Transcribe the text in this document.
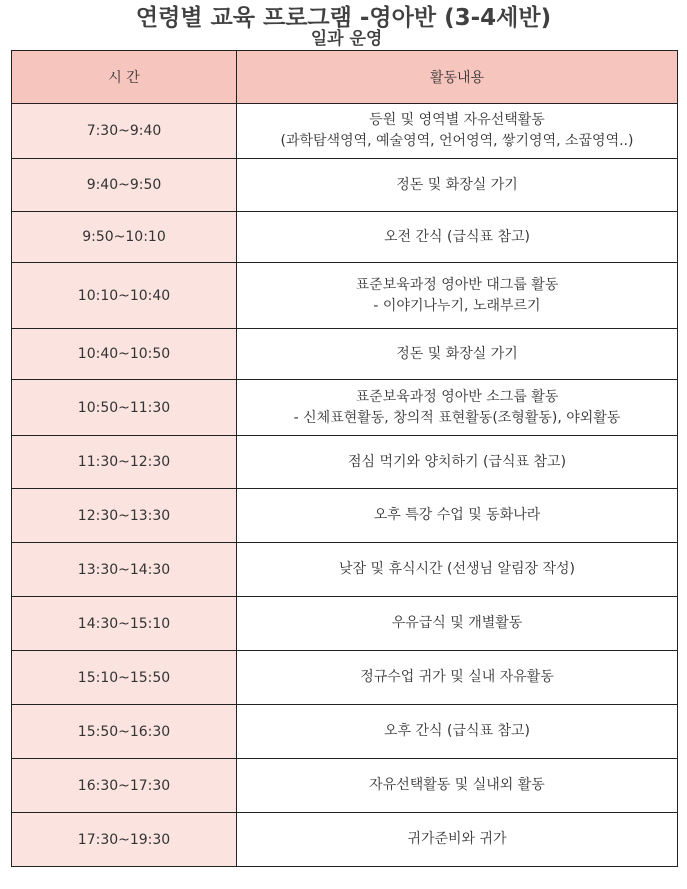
연령별 교육 프로그램 -영아반 (3-4세반)
일과 운영
시 간	활동내용
7:30~9:40	등원 및 영역별 자유선택활동
(과학탐색영역, 예술영역, 언어영역, 쌓기영역, 소꿉영역..)

9:40~9:50	정돈 및 화장실 가기

9:50~10:10	오전 간식 (급식표 참고)

10:10~10:40	표준보육과정 영아반 대그룹 활동
- 이야기나누기, 노래부르기

10:40~10:50	정돈 및 화장실 가기

10:50~11:30	표준보육과정 영아반 소그룹 활동
- 신체표현활동, 창의적 표현활동(조형활동), 야외활동

11:30~12:30	점심 먹기와 양치하기 (급식표 참고)

12:30~13:30	오후 특강 수업 및 동화나라

13:30~14:30	낮잠 및 휴식시간 (선생님 알림장 작성)

14:30~15:10	우유급식 및 개별활동

15:10~15:50	정규수업 귀가 및 실내 자유활동

15:50~16:30	오후 간식 (급식표 참고)

16:30~17:30	자유선택활동 및 실내외 활동

17:30~19:30	귀가준비와 귀가
